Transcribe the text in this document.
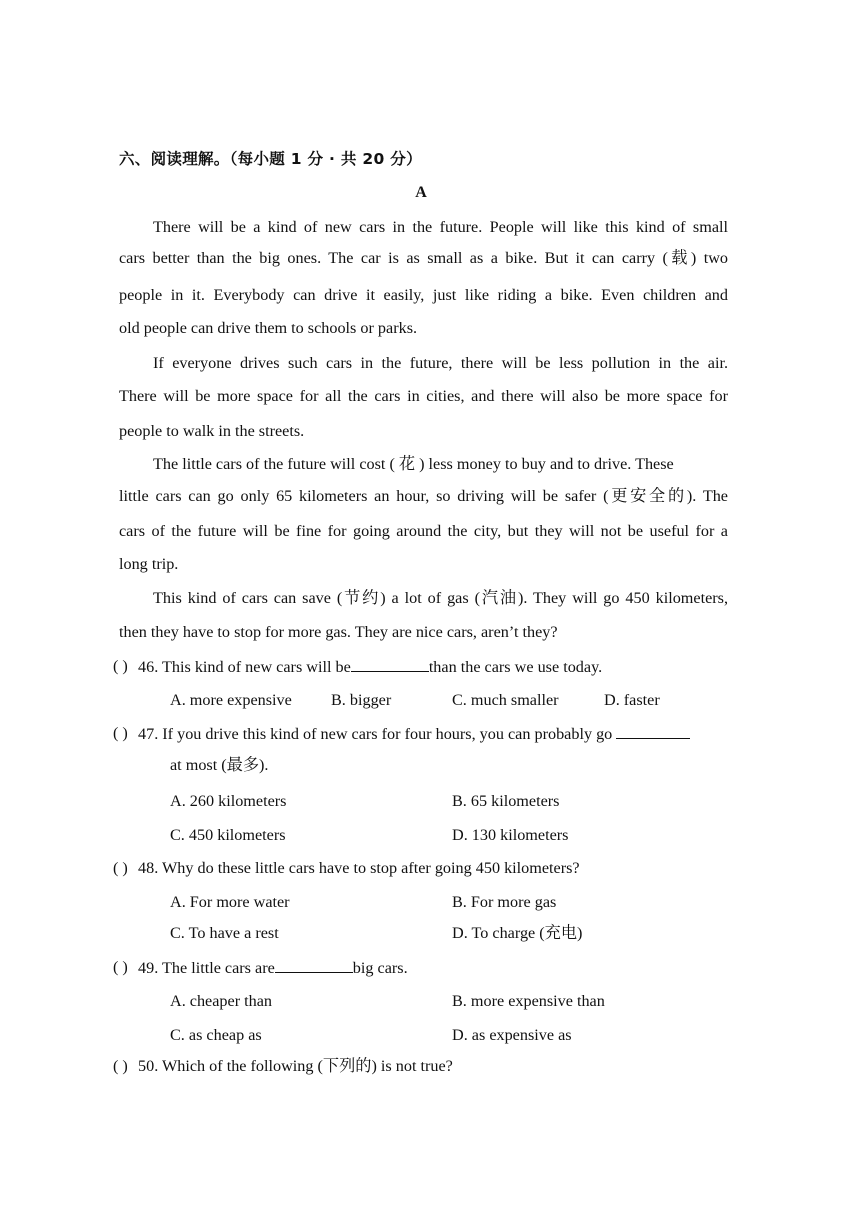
六、阅读理解。（每小题 1 分 · 共 20 分）
A
There will be a kind of new cars in the future. People will like this kind of small
cars better than the big ones. The car is as small as a bike. But it can carry (载) two
people in it. Everybody can drive it easily, just like riding a bike. Even children and
old people can drive them to schools or parks.
If everyone drives such cars in the future, there will be less pollution in the air.
There will be more space for all the cars in cities, and there will also be more space for
people to walk in the streets.
The little cars of the future will cost ( 花 ) less money to buy and to drive. These
little cars can go only 65 kilometers an hour, so driving will be safer (更安全的). The
cars of the future will be fine for going around the city, but they will not be useful for a
long trip.
This kind of cars can save (节约) a lot of gas (汽油). They will go 450 kilometers,
then they have to stop for more gas. They are nice cars, aren’t they?
( ) 46. This kind of new cars will be	than the cars we use today.
A. more expensive B. bigger	C. much smaller	D. faster
( ) 47. If you drive this kind of new cars for four hours, you can probably go
at most (最多).
A. 260 kilometers	B. 65 kilometers
C. 450 kilometers	D. 130 kilometers
( ) 48. Why do these little cars have to stop after going 450 kilometers?
A. For more water	B. For more gas
C. To have a rest	D. To charge (充电)
( ) 49. The little cars are	big cars.
A. cheaper than	B. more expensive than
C. as cheap as	D. as expensive as
( ) 50. Which of the following (下列的) is not true?
